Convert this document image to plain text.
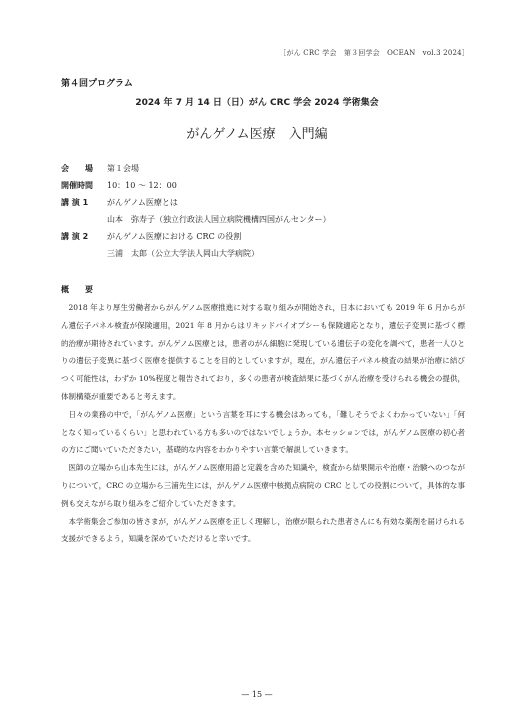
［がん CRC 学会　第３回学会　OCEAN　vol.3 2024］
第４回プログラム
2024 年 7 月 14 日（日）がん CRC 学会 2024 学術集会
がんゲノム医療　入門編
会　　場	第１会場
開催時間	10：10 ～ 12：00
講 演 1	がんゲノム医療とは
山本　弥寿子（独立行政法人国立病院機構四国がんセンター）
講 演 2	がんゲノム医療における CRC の役割
三浦　太郎（公立大学法人岡山大学病院）
概　　要

2018 年より厚生労働者からがんゲノム医療推進に対する取り組みが開始され，日本においても 2019 年 6 月からがん遺伝子パネル検査が保険適用，2021 年 8 月からはリキッドバイオプシーも保険適応となり，遺伝子変異に基づく標的治療が期待されています。がんゲノム医療とは，患者のがん細胞に発現している遺伝子の変化を調べて，患者一人ひとりの遺伝子変異に基づく医療を提供することを目的としていますが，現在，がん遺伝子パネル検査の結果が治療に結びつく可能性は，わずか 10%程度と報告されており，多くの患者が検査結果に基づくがん治療を受けられる機会の提供，体制構築が重要であると考えます。

日々の業務の中で，「がんゲノム医療」という言葉を耳にする機会はあっても，「難しそうでよくわかっていない」「何となく知っているくらい」と思われている方も多いのではないでしょうか。本セッションでは，がんゲノム医療の初心者の方にご聞いていただきたい，基礎的な内容をわかりやすい言葉で解説していきます。

医師の立場から山本先生には，がんゲノム医療用語と定義を含めた知識や，検査から結果開示や治療・治験へのつながりについて，CRC の立場から三浦先生には，がんゲノム医療中核拠点病院の CRC としての役割について，具体的な事例も交えながら取り組みをご紹介していただきます。

本学術集会ご参加の皆さまが，がんゲノム医療を正しく理解し，治療が限られた患者さんにも有効な薬剤を届けられる支援ができるよう，知識を深めていただけると幸いです。

— 15 —
